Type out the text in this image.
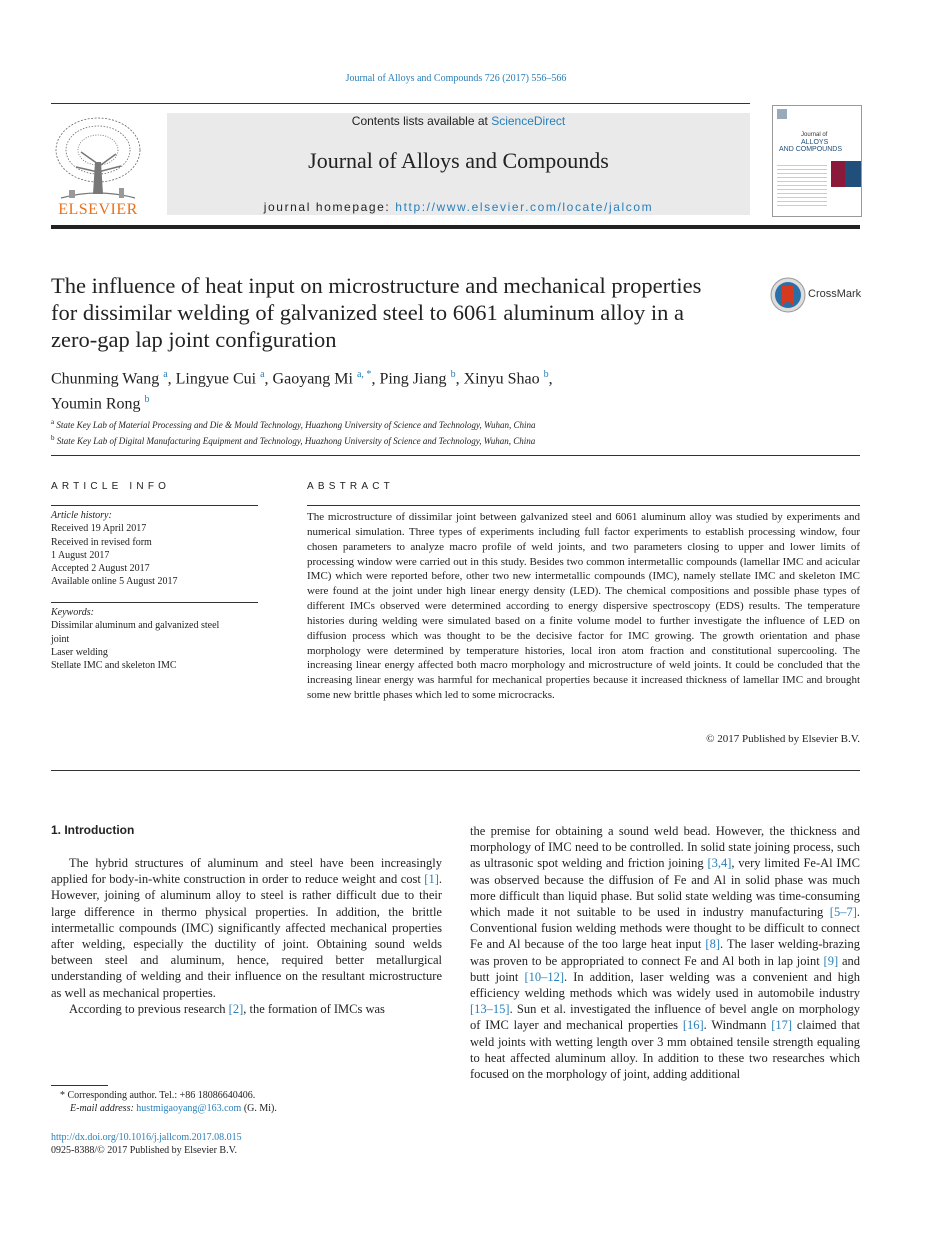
Journal of Alloys and Compounds 726 (2017) 556–566
ELSEVIER
Contents lists available at ScienceDirect
Journal of Alloys and Compounds
journal homepage: http://www.elsevier.com/locate/jalcom
Journal of
ALLOYS
AND COMPOUNDS
The influence of heat input on microstructure and mechanical properties for dissimilar welding of galvanized steel to 6061 aluminum alloy in a zero-gap lap joint configuration
CrossMark
Chunming Wang $^a$, Lingyue Cui $^a$, Gaoyang Mi $^{a, *}$, Ping Jiang $^b$, Xinyu Shao $^b$,
Youmin Rong $^b$
$^a$ State Key Lab of Material Processing and Die & Mould Technology, Huazhong University of Science and Technology, Wuhan, China
$^b$ State Key Lab of Digital Manufacturing Equipment and Technology, Huazhong University of Science and Technology, Wuhan, China
ARTICLE INFO
Article history:
Received 19 April 2017
Received in revised form
1 August 2017
Accepted 2 August 2017
Available online 5 August 2017
Keywords:
Dissimilar aluminum and galvanized steel
joint
Laser welding
Stellate IMC and skeleton IMC
ABSTRACT
The microstructure of dissimilar joint between galvanized steel and 6061 aluminum alloy was studied by experiments and numerical simulation. Three types of experiments including full factor experiments to establish processing window, four chosen parameters to analyze macro profile of weld joints, and two parameters closing to upper and lower limits of processing window were carried out in this study. Besides two common intermetallic compounds (lamellar IMC and acicular IMC) which were reported before, other two new intermetallic compounds (IMC), namely stellate IMC and skeleton IMC were found at the joint under high linear energy density (LED). The chemical compositions and possible phase types of different IMCs observed were determined according to energy dispersive spectroscopy (EDS) results. The temperature histories during welding were simulated based on a finite volume model to further investigate the influence of LED on diffusion process which was thought to be the decisive factor for IMC growing. The growth orientation and phase morphology were determined by temperature histories, local iron atom fraction and constitutional supercooling. The increasing linear energy affected both macro morphology and microstructure of weld joints. It could be concluded that the increasing linear energy was harmful for mechanical properties because it increased thickness of lamellar IMC and brought some new brittle phases which led to some microcracks.
© 2017 Published by Elsevier B.V.
1. Introduction

The hybrid structures of aluminum and steel have been increasingly applied for body-in-white construction in order to reduce weight and cost [1]. However, joining of aluminum alloy to steel is rather difficult due to their large difference in thermo physical properties. In addition, the brittle intermetallic compounds (IMC) significantly affected mechanical properties after welding, especially the ductility of joint. Obtaining sound welds between steel and aluminum, hence, required better metallurgical understanding of welding and their influence on the resultant microstructure as well as mechanical properties.

According to previous research [2], the formation of IMCs was

the premise for obtaining a sound weld bead. However, the thickness and morphology of IMC need to be controlled. In solid state joining process, such as ultrasonic spot welding and friction joining [3,4], very limited Fe-Al IMC was observed because the diffusion of Fe and Al in solid phase was much more difficult than liquid phase. But solid state welding was time-consuming which made it not suitable to be used in industry manufacturing [5–7]. Conventional fusion welding methods were thought to be difficult to connect Fe and Al because of the too large heat input [8]. The laser welding-brazing was proven to be appropriated to connect Fe and Al both in lap joint [9] and butt joint [10–12]. In addition, laser welding was a convenient and high efficiency welding methods which was widely used in automobile industry [13–15]. Sun et al. investigated the influence of bevel angle on morphology of IMC layer and mechanical properties [16]. Windmann [17] claimed that weld joints with wetting length over 3 mm obtained tensile strength equaling to heat affected aluminum alloy. In addition to these two researches which focused on the morphology of joint, adding additional

* Corresponding author. Tel.: +86 18086640406.
E-mail address: hustmigaoyang@163.com (G. Mi).
http://dx.doi.org/10.1016/j.jallcom.2017.08.015
0925-8388/© 2017 Published by Elsevier B.V.
